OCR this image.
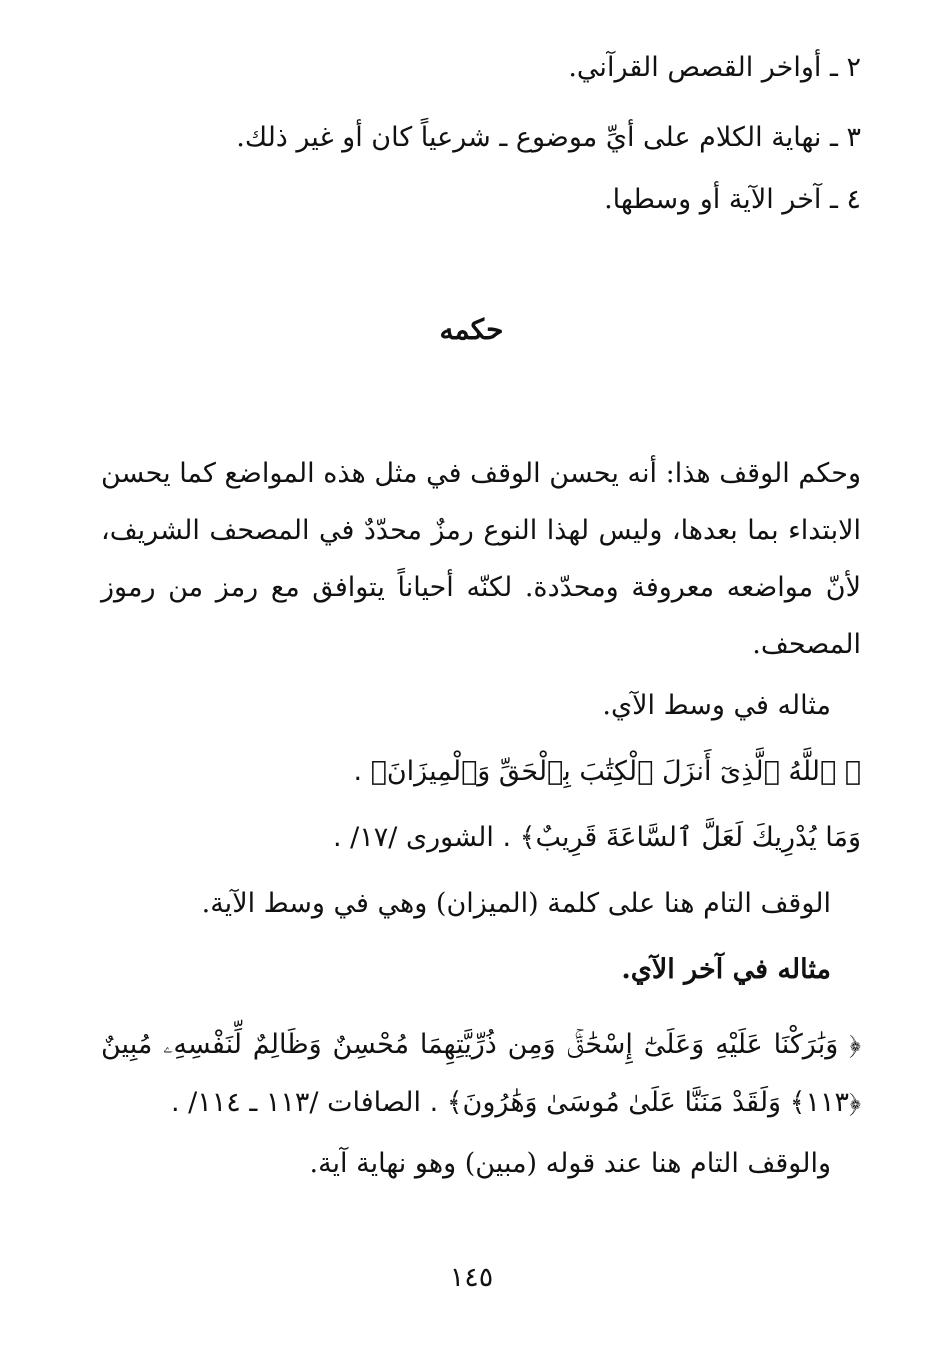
٢ ـ أواخر القصص القرآني.
٣ ـ نهاية الكلام على أيِّ موضوع ـ شرعياً كان أو غير ذلك.
٤ ـ آخر الآية أو وسطها.
حكمه
وحكم الوقف هذا: أنه يحسن الوقف في مثل هذه المواضع كما يحسن الابتداء بما بعدها، وليس لهذا النوع رمزٌ محدّدٌ في المصحف الشريف، لأنّ مواضعه معروفة ومحدّدة. لكنّه أحياناً يتوافق مع رمز من رموز المصحف.
مثاله في وسط الآي.
﴿ ٱللَّهُ ٱلَّذِىٓ أَنزَلَ ٱلْكِتَٰبَ بِٱلْحَقِّ وَٱلْمِيزَانَۗ .
وَمَا يُدْرِيكَ لَعَلَّ ٱلسَّاعَةَ قَرِيبٌ﴾ . الشورى /١٧/ .
الوقف التام هنا على كلمة (الميزان) وهي في وسط الآية.
مثاله في آخر الآي.
﴿ وَبَٰرَكْنَا عَلَيْهِ وَعَلَىٰٓ إِسْحَٰقَۚ وَمِن ذُرِّيَّتِهِمَا مُحْسِنٌ وَظَالِمٌ لِّنَفْسِهِۦ مُبِينٌ ﴿١١٣﴾ وَلَقَدْ مَنَنَّا عَلَىٰ مُوسَىٰ وَهَٰرُونَ﴾ . الصافات /١١٣ ـ ١١٤/ .
والوقف التام هنا عند قوله (مبين) وهو نهاية آية.
١٤٥
